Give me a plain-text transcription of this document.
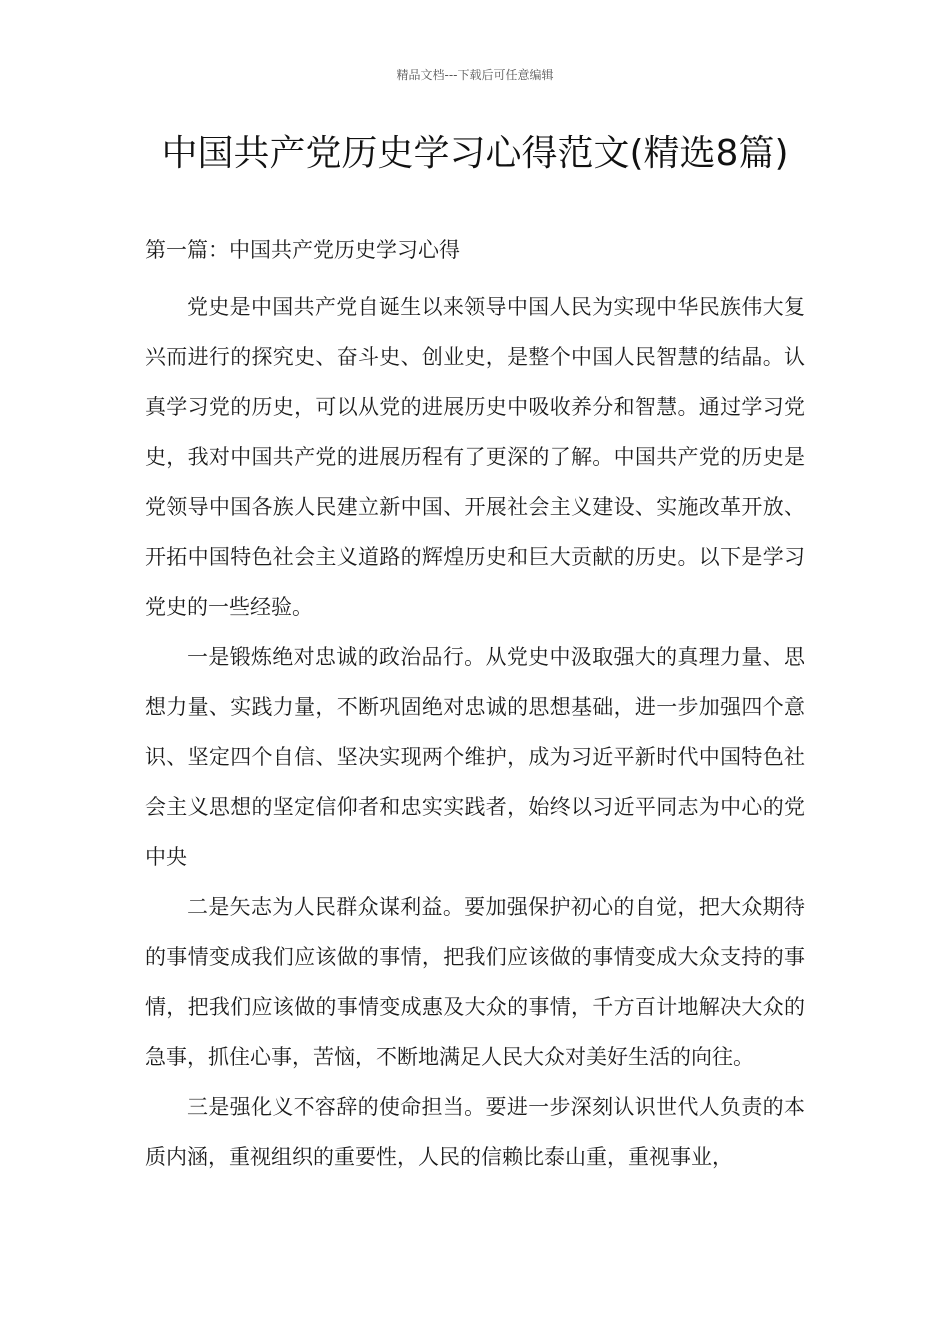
精品文档---下载后可任意编辑
中国共产党历史学习心得范文(精选8篇)
第一篇：中国共产党历史学习心得

党史是中国共产党自诞生以来领导中国人民为实现中华民族伟大复兴而进行的探究史、奋斗史、创业史，是整个中国人民智慧的结晶。认真学习党的历史，可以从党的进展历史中吸收养分和智慧。通过学习党史，我对中国共产党的进展历程有了更深的了解。中国共产党的历史是党领导中国各族人民建立新中国、开展社会主义建设、实施改革开放、开拓中国特色社会主义道路的辉煌历史和巨大贡献的历史。以下是学习党史的一些经验。

一是锻炼绝对忠诚的政治品行。从党史中汲取强大的真理力量、思想力量、实践力量，不断巩固绝对忠诚的思想基础，进一步加强四个意识、坚定四个自信、坚决实现两个维护，成为习近平新时代中国特色社会主义思想的坚定信仰者和忠实实践者，始终以习近平同志为中心的党中央

二是矢志为人民群众谋利益。要加强保护初心的自觉，把大众期待的事情变成我们应该做的事情，把我们应该做的事情变成大众支持的事情，把我们应该做的事情变成惠及大众的事情，千方百计地解决大众的急事，抓住心事，苦恼，不断地满足人民大众对美好生活的向往。

三是强化义不容辞的使命担当。要进一步深刻认识世代人负责的本质内涵，重视组织的重要性，人民的信赖比泰山重，重视事业，
